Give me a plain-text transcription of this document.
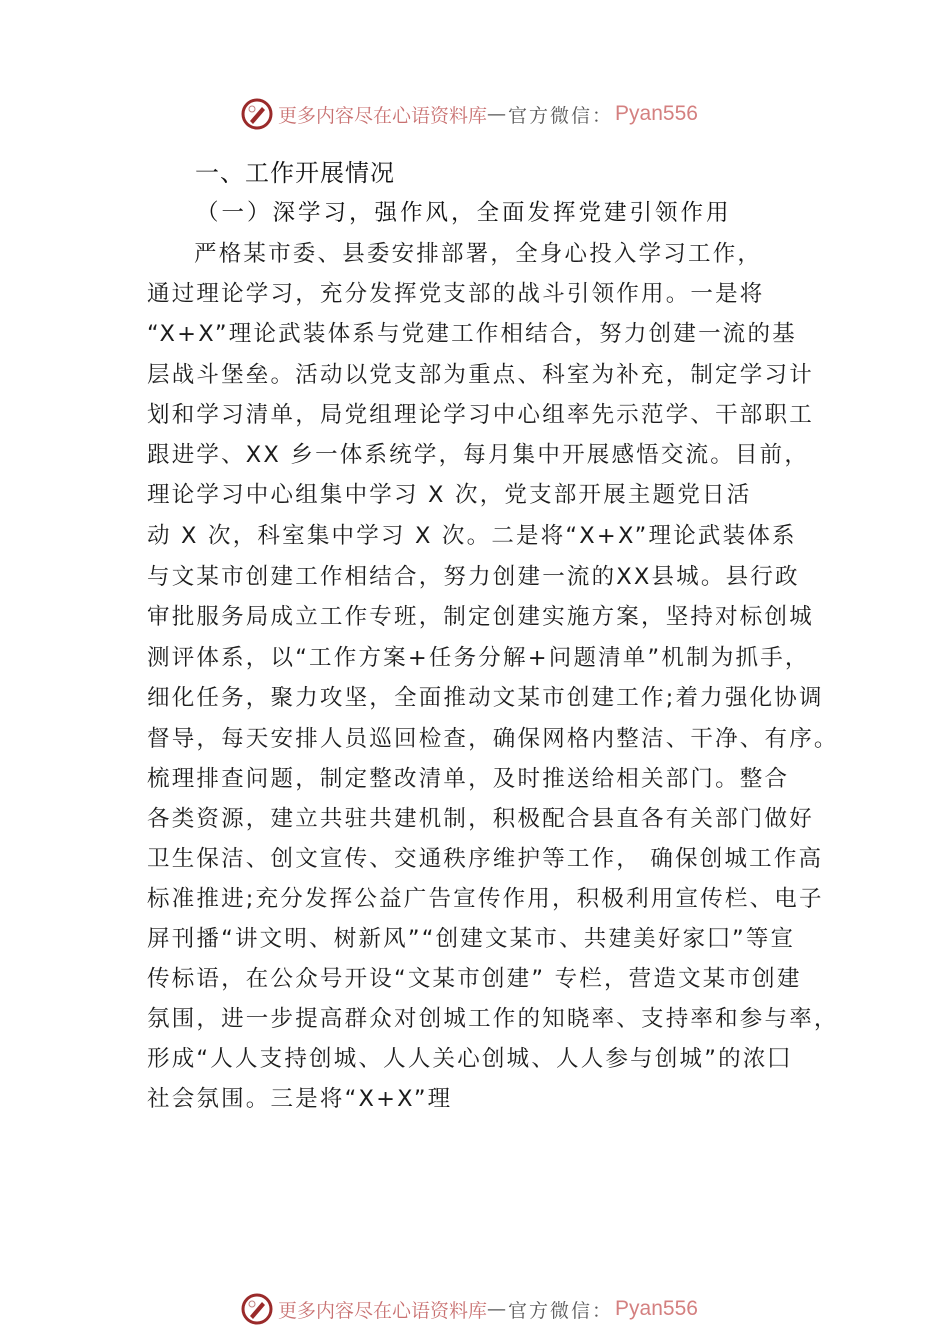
更多内容尽在心语资料库 — 官方微信： Pyan556
一、工作开展情况
（一）深学习，强作风，全面发挥党建引领作用
严格某市委、县委安排部署，全身心投入学习工作，
通过理论学习，充分发挥党支部的战斗引领作用。一是将
“X+X”理论武装体系与党建工作相结合，努力创建一流的基
层战斗堡垒。活动以党支部为重点、科室为补充，制定学习计
划和学习清单，局党组理论学习中心组率先示范学、干部职工
跟进学、XX 乡一体系统学，每月集中开展感悟交流。目前，
理论学习中心组集中学习 X 次，党支部开展主题党日活
动 X 次，科室集中学习 X 次。二是将“X+X”理论武装体系
与文某市创建工作相结合，努力创建一流的XX县城。县行政
审批服务局成立工作专班，制定创建实施方案，坚持对标创城
测评体系，以“工作方案+任务分解+问题清单”机制为抓手，
细化任务，聚力攻坚，全面推动文某市创建工作;着力强化协调
督导，每天安排人员巡回检查，确保网格内整洁、干净、有序。
梳理排查问题，制定整改清单，及时推送给相关部门。整合
各类资源，建立共驻共建机制，积极配合县直各有关部门做好
卫生保洁、创文宣传、交通秩序维护等工作， 确保创城工作高
标准推进;充分发挥公益广告宣传作用，积极利用宣传栏、电子
屏刊播“讲文明、树新风”“创建文某市、共建美好家囗”等宣
传标语，在公众号开设“文某市创建” 专栏，营造文某市创建
氛围，进一步提高群众对创城工作的知晓率、支持率和参与率，
形成“人人支持创城、人人关心创城、人人参与创城”的浓囗
社会氛围。三是将“X+X”理
更多内容尽在心语资料库 — 官方微信： Pyan556
